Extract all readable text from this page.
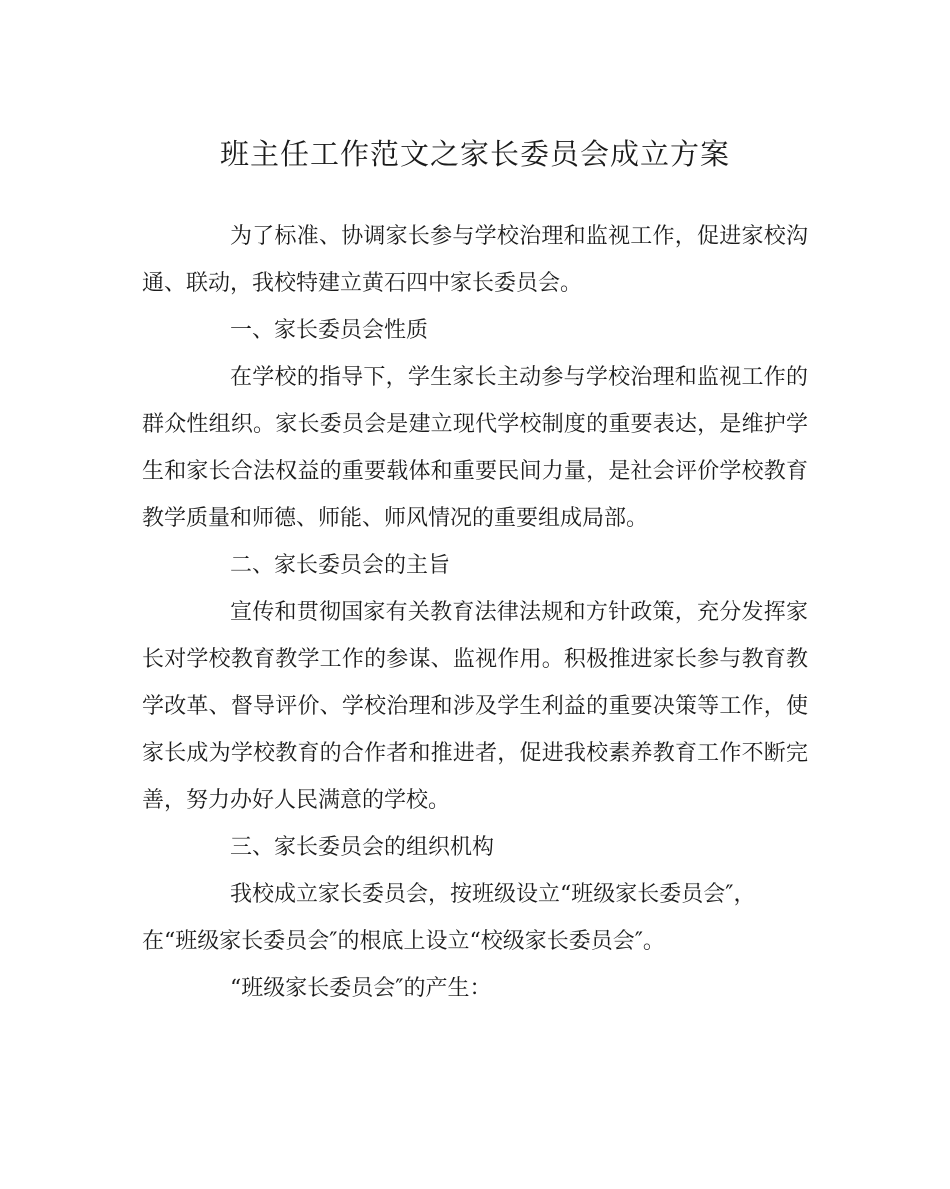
班主任工作范文之家长委员会成立方案

为了标准、协调家长参与学校治理和监视工作，促进家校沟通、联动，我校特建立黄石四中家长委员会。

一、家长委员会性质

在学校的指导下，学生家长主动参与学校治理和监视工作的群众性组织。家长委员会是建立现代学校制度的重要表达，是维护学生和家长合法权益的重要载体和重要民间力量，是社会评价学校教育教学质量和师德、师能、师风情况的重要组成局部。

二、家长委员会的主旨

宣传和贯彻国家有关教育法律法规和方针政策，充分发挥家长对学校教育教学工作的参谋、监视作用。积极推进家长参与教育教学改革、督导评价、学校治理和涉及学生利益的重要决策等工作，使家长成为学校教育的合作者和推进者，促进我校素养教育工作不断完善，努力办好人民满意的学校。

三、家长委员会的组织机构

我校成立家长委员会，按班级设立“班级家长委员会″，在“班级家长委员会″的根底上设立“校级家长委员会″。

“班级家长委员会″的产生：
